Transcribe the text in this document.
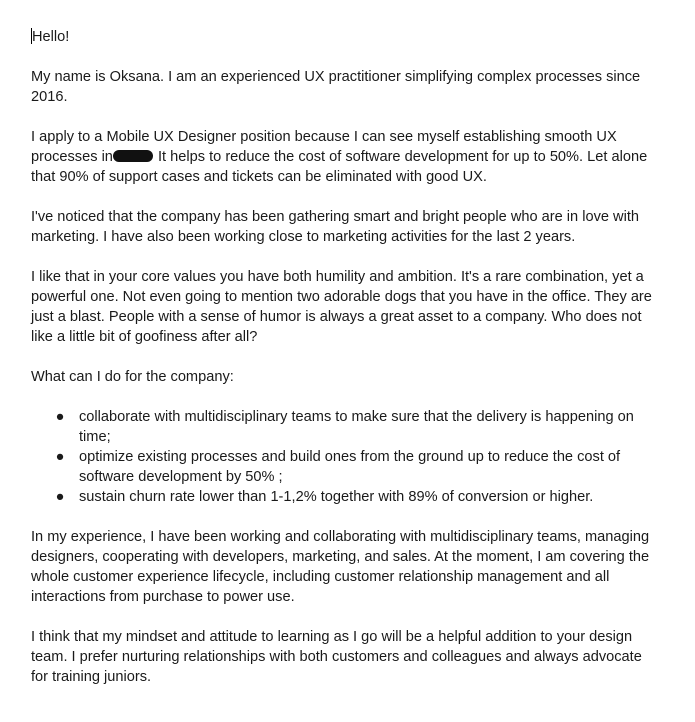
Hello!

My name is Oksana. I am an experienced UX practitioner simplifying complex processes since 2016.

I apply to a Mobile UX Designer position because I can see myself establishing smooth UX processes in	It helps to reduce the cost of software development for up to 50%. Let alone that 90% of support cases and tickets can be eliminated with good UX.

I've noticed that the company has been gathering smart and bright people who are in love with marketing. I have also been working close to marketing activities for the last 2 years.

I like that in your core values you have both humility and ambition. It's a rare combination, yet a powerful one. Not even going to mention two adorable dogs that you have in the office. They are just a blast. People with a sense of humor is always a great asset to a company. Who does not like a little bit of goofiness after all?

What can I do for the company:

● collaborate with multidisciplinary teams to make sure that the delivery is happening on time;
● optimize existing processes and build ones from the ground up to reduce the cost of software development by 50% ;
● sustain churn rate lower than 1-1,2% together with 89% of conversion or higher.

In my experience, I have been working and collaborating with multidisciplinary teams, managing designers, cooperating with developers, marketing, and sales. At the moment, I am covering the whole customer experience lifecycle, including customer relationship management and all interactions from purchase to power use.

I think that my mindset and attitude to learning as I go will be a helpful addition to your design team. I prefer nurturing relationships with both customers and colleagues and always advocate for training juniors.
